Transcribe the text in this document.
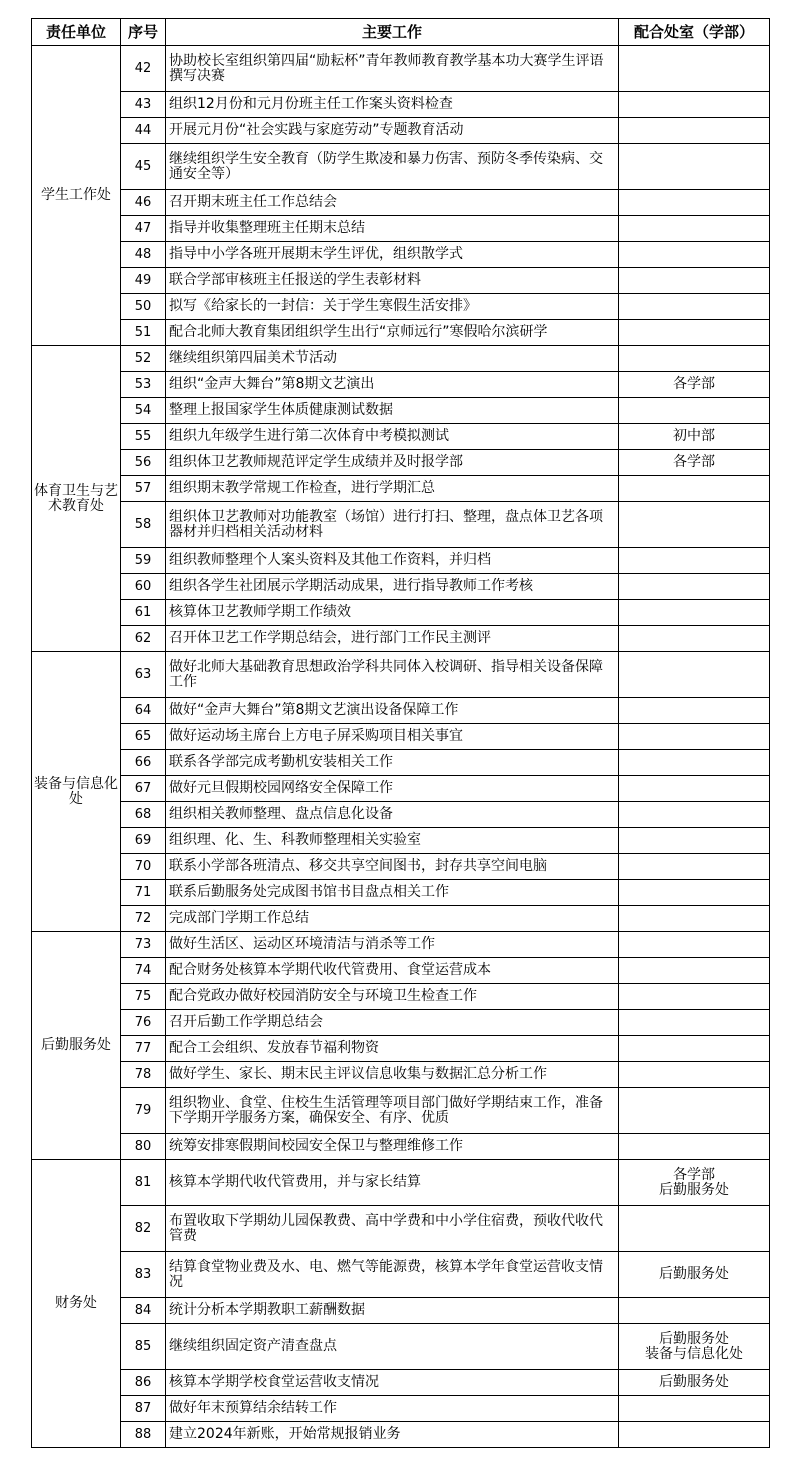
责任单位	序号	主要工作	配合处室（学部）
学生工作处	42	协助校长室组织第四届“励耘杯”青年教师教育教学基本功大赛学生评语撰写决赛	
	43	组织12月份和元月份班主任工作案头资料检查	
	44	开展元月份“社会实践与家庭劳动”专题教育活动	
	45	继续组织学生安全教育（防学生欺凌和暴力伤害、预防冬季传染病、交通安全等）	
	46	召开期末班主任工作总结会	
	47	指导并收集整理班主任期末总结	
	48	指导中小学各班开展期末学生评优，组织散学式	
	49	联合学部审核班主任报送的学生表彰材料	
	50	拟写《给家长的一封信：关于学生寒假生活安排》	
	51	配合北师大教育集团组织学生出行“京师远行”寒假哈尔滨研学	
体育卫生与艺术教育处	52	继续组织第四届美术节活动	
	53	组织“金声大舞台”第8期文艺演出	各学部
	54	整理上报国家学生体质健康测试数据	
	55	组织九年级学生进行第二次体育中考模拟测试	初中部
	56	组织体卫艺教师规范评定学生成绩并及时报学部	各学部
	57	组织期末教学常规工作检查，进行学期汇总	
	58	组织体卫艺教师对功能教室（场馆）进行打扫、整理，盘点体卫艺各项器材并归档相关活动材料	
	59	组织教师整理个人案头资料及其他工作资料，并归档	
	60	组织各学生社团展示学期活动成果，进行指导教师工作考核	
	61	核算体卫艺教师学期工作绩效	
	62	召开体卫艺工作学期总结会，进行部门工作民主测评	
装备与信息化处	63	做好北师大基础教育思想政治学科共同体入校调研、指导相关设备保障工作	
	64	做好“金声大舞台”第8期文艺演出设备保障工作	
	65	做好运动场主席台上方电子屏采购项目相关事宜	
	66	联系各学部完成考勤机安装相关工作	
	67	做好元旦假期校园网络安全保障工作	
	68	组织相关教师整理、盘点信息化设备	
	69	组织理、化、生、科教师整理相关实验室	
	70	联系小学部各班清点、移交共享空间图书，封存共享空间电脑	
	71	联系后勤服务处完成图书馆书目盘点相关工作	
	72	完成部门学期工作总结	
后勤服务处	73	做好生活区、运动区环境清洁与消杀等工作	
	74	配合财务处核算本学期代收代管费用、食堂运营成本	
	75	配合党政办做好校园消防安全与环境卫生检查工作	
	76	召开后勤工作学期总结会	
	77	配合工会组织、发放春节福利物资	
	78	做好学生、家长、期末民主评议信息收集与数据汇总分析工作	
	79	组织物业、食堂、住校生生活管理等项目部门做好学期结束工作，准备下学期开学服务方案，确保安全、有序、优质	
	80	统筹安排寒假期间校园安全保卫与整理维修工作	
财务处	81	核算本学期代收代管费用，并与家长结算	各学部
后勤服务处
	82	布置收取下学期幼儿园保教费、高中学费和中小学住宿费，预收代收代管费	
	83	结算食堂物业费及水、电、燃气等能源费，核算本学年食堂运营收支情况	后勤服务处
	84	统计分析本学期教职工薪酬数据	
	85	继续组织固定资产清查盘点	后勤服务处
装备与信息化处
	86	核算本学期学校食堂运营收支情况	后勤服务处
	87	做好年末预算结余结转工作	
	88	建立2024年新账，开始常规报销业务	
